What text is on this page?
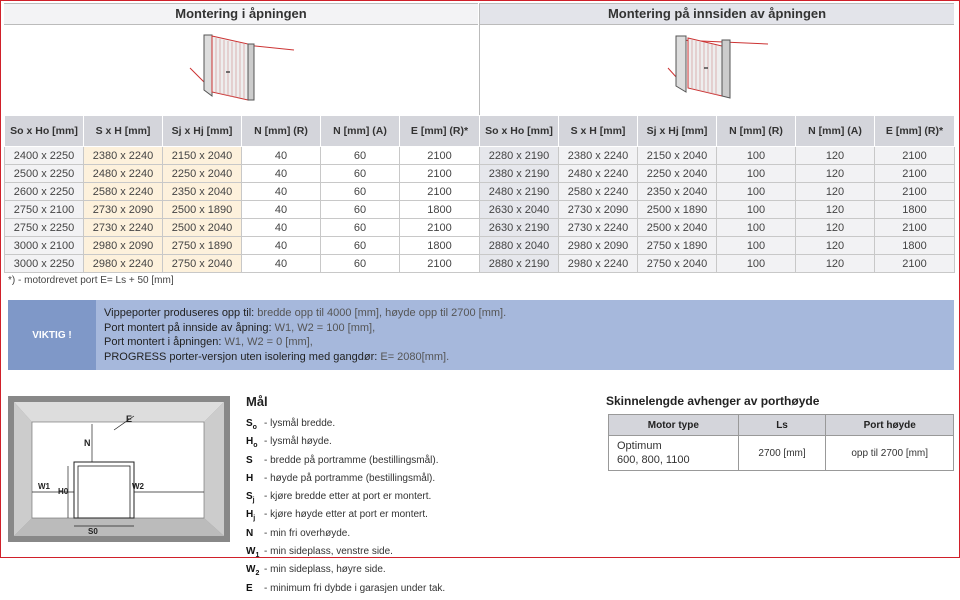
Montering i åpningen	Montering på innsiden av åpningen
So x Ho [mm]	S x H [mm]	Sj x Hj [mm]	N [mm] (R)	N [mm] (A)	E [mm] (R)*	So x Ho [mm]	S x H [mm]	Sj x Hj [mm]	N [mm] (R)	N [mm] (A)	E [mm] (R)*
2400 x 2250	2380 x 2240	2150 x 2040	40	60	2100	2280 x 2190	2380 x 2240	2150 x 2040	100	120	2100
2500 x 2250	2480 x 2240	2250 x 2040	40	60	2100	2380 x 2190	2480 x 2240	2250 x 2040	100	120	2100
2600 x 2250	2580 x 2240	2350 x 2040	40	60	2100	2480 x 2190	2580 x 2240	2350 x 2040	100	120	2100
2750 x 2100	2730 x 2090	2500 x 1890	40	60	1800	2630 x 2040	2730 x 2090	2500 x 1890	100	120	1800
2750 x 2250	2730 x 2240	2500 x 2040	40	60	2100	2630 x 2190	2730 x 2240	2500 x 2040	100	120	2100
3000 x 2100	2980 x 2090	2750 x 1890	40	60	1800	2880 x 2040	2980 x 2090	2750 x 1890	100	120	1800
3000 x 2250	2980 x 2240	2750 x 2040	40	60	2100	2880 x 2190	2980 x 2240	2750 x 2040	100	120	2100
*) - motordrevet port E= Ls + 50 [mm]
VIKTIG !
Vippeporter produseres opp til: bredde opp til 4000 [mm], høyde opp til 2700 [mm].
Port montert på innside av åpning: W1, W2 = 100 [mm],
Port montert i åpningen: W1, W2 = 0 [mm],
PROGRESS porter-versjon uten isolering med gangdør: E= 2080[mm].
N
E
W1	W2
H0
S0
Mål
$S_o$ - lysmål bredde.
$H_o$ - lysmål høyde.
S	- bredde på portramme (bestillingsmål).
H	- høyde på portramme (bestillingsmål).
$S_j$ - kjøre bredde etter at port er montert.
$H_j$ - kjøre høyde etter at port er montert.
N	- min fri overhøyde.
$W_1$ - min sideplass, venstre side.
$W_2$ - min sideplass, høyre side.
E	- minimum fri dybde i garasjen under tak.
Skinnelengde avhenger av porthøyde
Motor type	Ls	Port høyde

Optimum
600, 800, 1100	2700 [mm]	opp til 2700 [mm]
